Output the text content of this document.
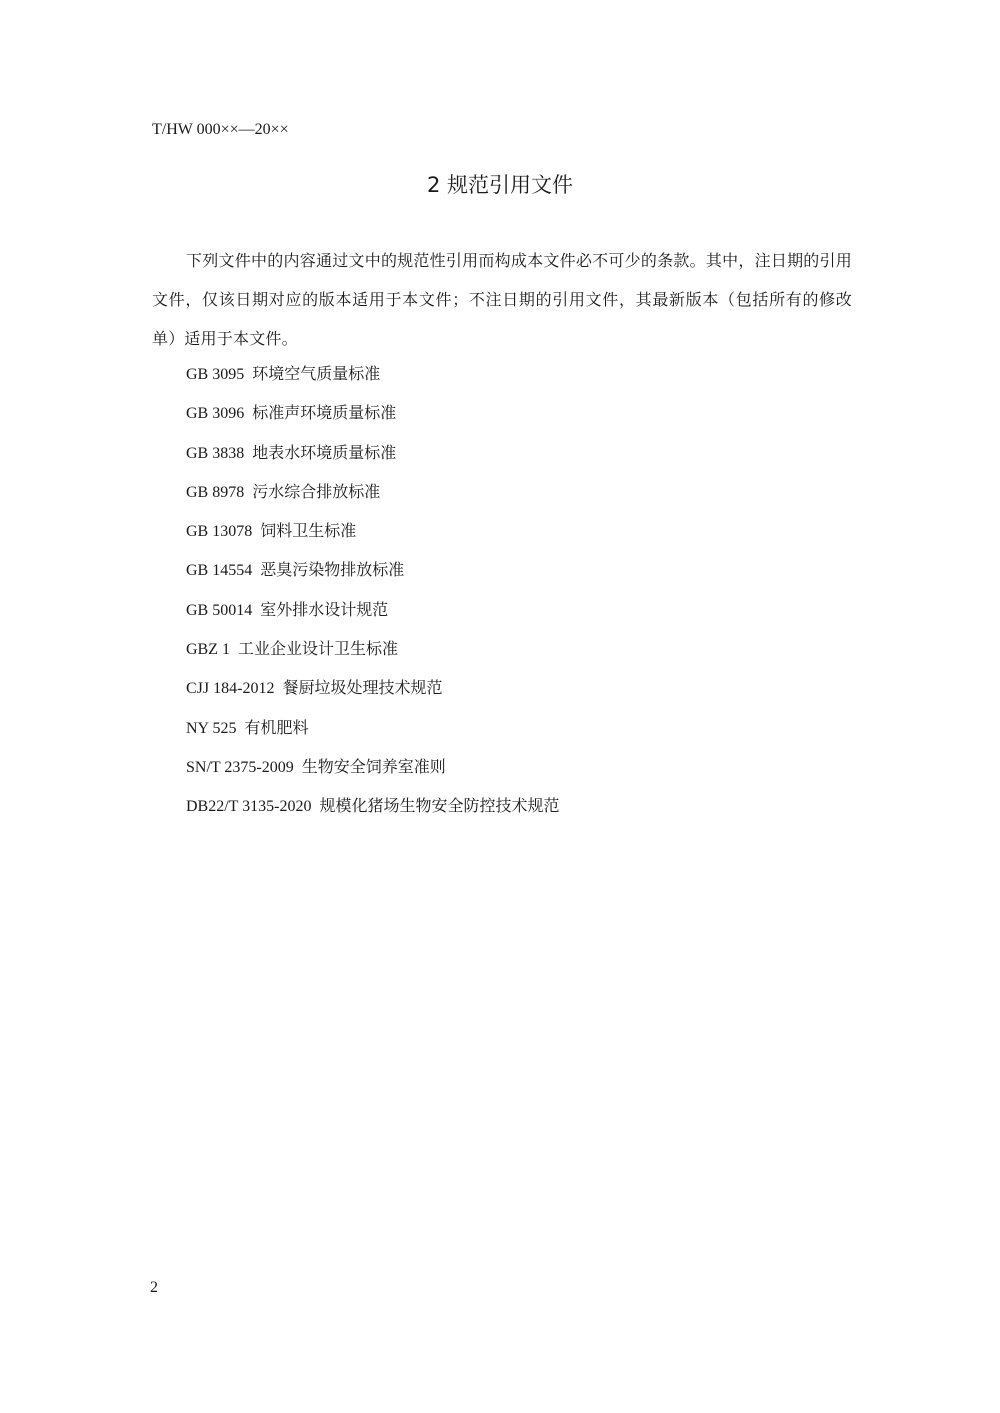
T/HW 000××—20××
2 规范引用文件

下列文件中的内容通过文中的规范性引用而构成本文件必不可少的条款。其中，注日期的引用文件，仅该日期对应的版本适用于本文件；不注日期的引用文件，其最新版本（包括所有的修改单）适用于本文件。

GB 3095 环境空气质量标准
GB 3096 标准声环境质量标准
GB 3838 地表水环境质量标准
GB 8978 污水综合排放标准
GB 13078 饲料卫生标准
GB 14554 恶臭污染物排放标准
GB 50014 室外排水设计规范
GBZ 1 工业企业设计卫生标准
CJJ 184-2012 餐厨垃圾处理技术规范
NY 525 有机肥料
SN/T 2375-2009 生物安全饲养室准则
DB22/T 3135-2020 规模化猪场生物安全防控技术规范
2
